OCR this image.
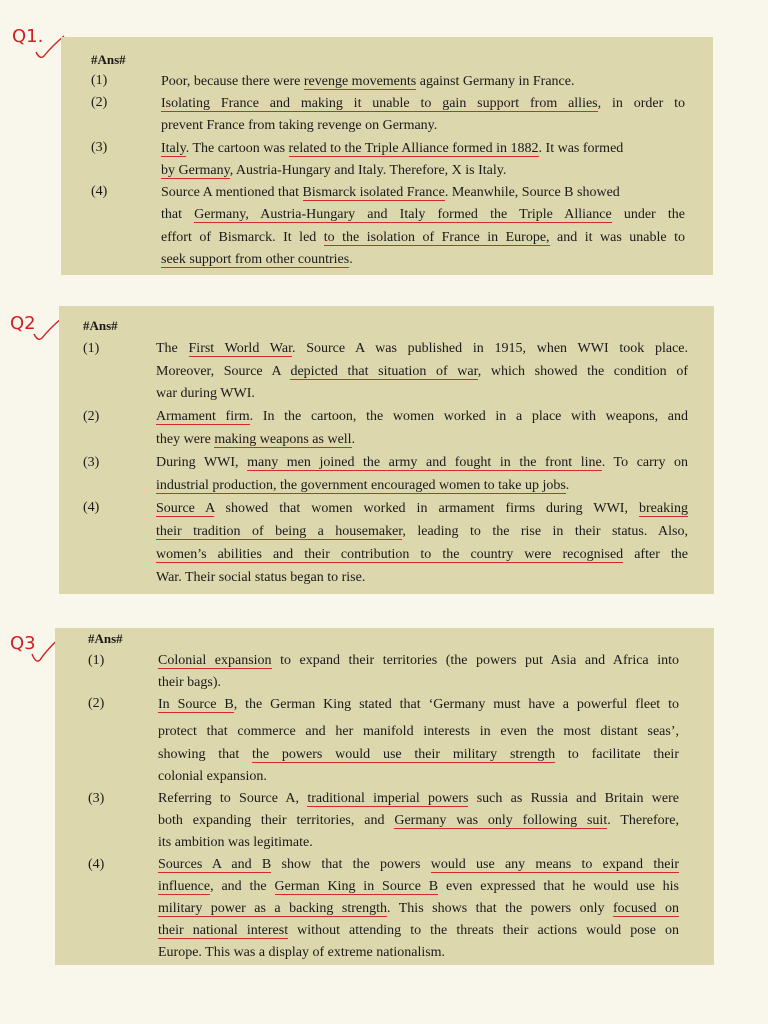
Q1.
#Ans#
(1)
(2)
(3)
(4)
Poor, because there were revenge movements against Germany in France.
Isolating France and making it unable to gain support from allies, in order to
prevent France from taking revenge on Germany.
Italy. The cartoon was related to the Triple Alliance formed in 1882. It was formed
by Germany, Austria-Hungary and Italy. Therefore, X is Italy.
Source A mentioned that Bismarck isolated France. Meanwhile, Source B showed
that Germany, Austria-Hungary and Italy formed the Triple Alliance under the
effort of Bismarck. It led to the isolation of France in Europe, and it was unable to
seek support from other countries.
Q2	#Ans#
(1)
(2)
(3)
(4)
The First World War. Source A was published in 1915, when WWI took place.
Moreover, Source A depicted that situation of war, which showed the condition of
war during WWI.
Armament firm. In the cartoon, the women worked in a place with weapons, and
they were making weapons as well.
During WWI, many men joined the army and fought in the front line. To carry on
industrial production, the government encouraged women to take up jobs.
Source A showed that women worked in armament firms during WWI, breaking
their tradition of being a housemaker, leading to the rise in their status. Also,
women’s abilities and their contribution to the country were recognised after the
War. Their social status began to rise.
Q3	#Ans#
(1)
(2)
(3)
(4)
Colonial expansion to expand their territories (the powers put Asia and Africa into
their bags).
In Source B, the German King stated that ‘Germany must have a powerful fleet to
protect that commerce and her manifold interests in even the most distant seas’,
showing that the powers would use their military strength to facilitate their
colonial expansion.
Referring to Source A, traditional imperial powers such as Russia and Britain were
both expanding their territories, and Germany was only following suit. Therefore,
its ambition was legitimate.
Sources A and B show that the powers would use any means to expand their
influence, and the German King in Source B even expressed that he would use his
military power as a backing strength. This shows that the powers only focused on
their national interest without attending to the threats their actions would pose on
Europe. This was a display of extreme nationalism.
